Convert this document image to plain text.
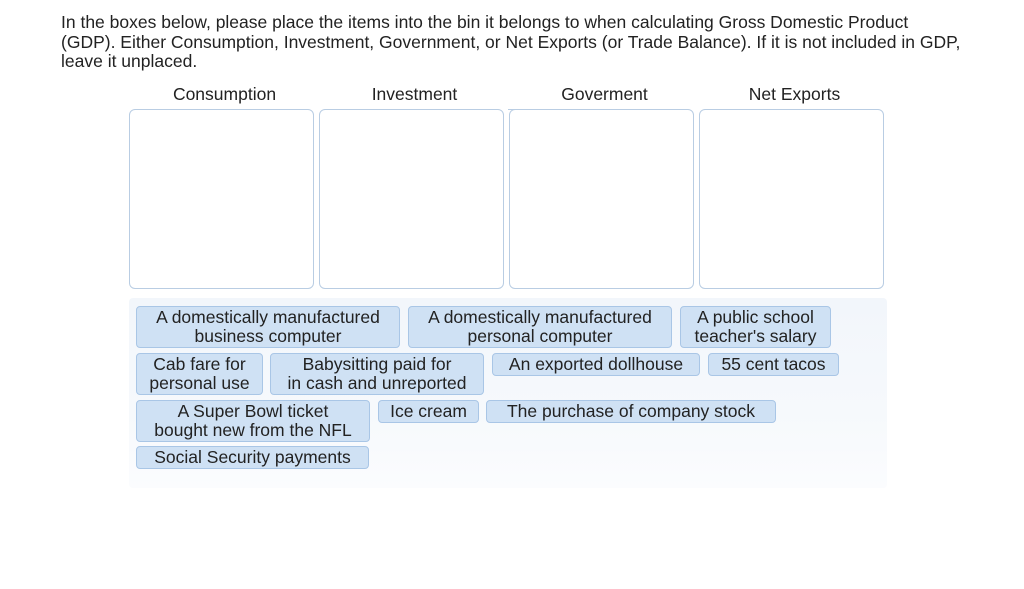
In the boxes below, please place the items into the bin it belongs to when calculating Gross Domestic Product (GDP). Either Consumption, Investment, Government, or Net Exports (or Trade Balance). If it is not included in GDP, leave it unplaced.

Consumption	Investment	Goverment	Net Exports
A domestically manufactured
business computer
A domestically manufactured
personal computer
A public school
teacher's salary
Cab fare for
personal use
Babysitting paid for
in cash and unreported
An exported dollhouse	55 cent tacos
A Super Bowl ticket
bought new from the NFL
Ice cream	The purchase of company stock
Social Security payments
